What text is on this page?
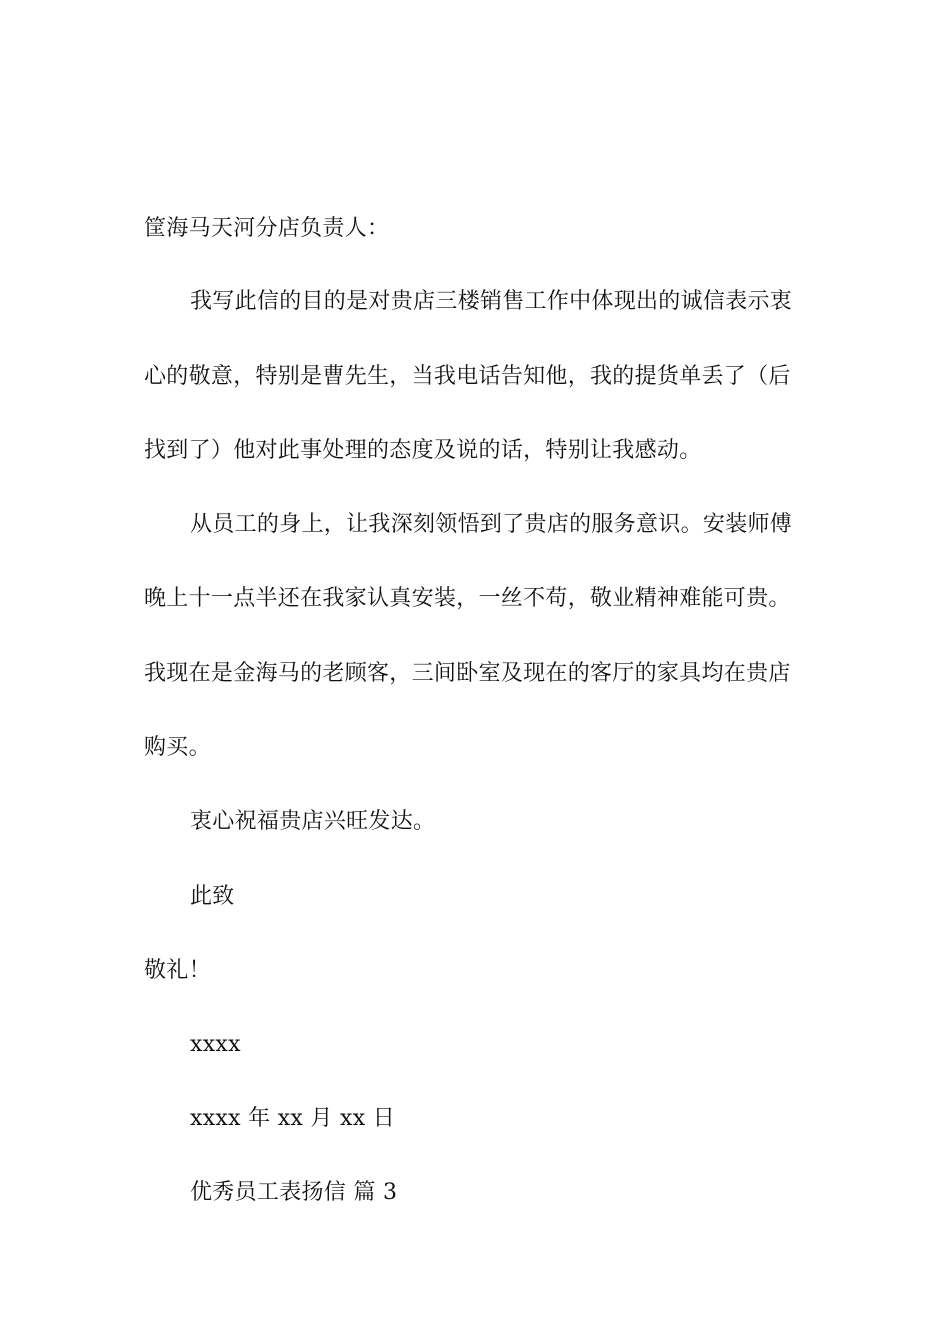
筐海马天河分店负责人：
我写此信的目的是对贵店三楼销售工作中体现出的诚信表示衷
心的敬意，特别是曹先生，当我电话告知他，我的提货单丢了（后
找到了）他对此事处理的态度及说的话，特别让我感动。
从员工的身上，让我深刻领悟到了贵店的服务意识。安装师傅
晚上十一点半还在我家认真安装，一丝不苟，敬业精神难能可贵。
我现在是金海马的老顾客，三间卧室及现在的客厅的家具均在贵店
购买。
衷心祝福贵店兴旺发达。
此致
敬礼！
xxxx
xxxx 年 xx 月 xx 日
优秀员工表扬信 篇 3
